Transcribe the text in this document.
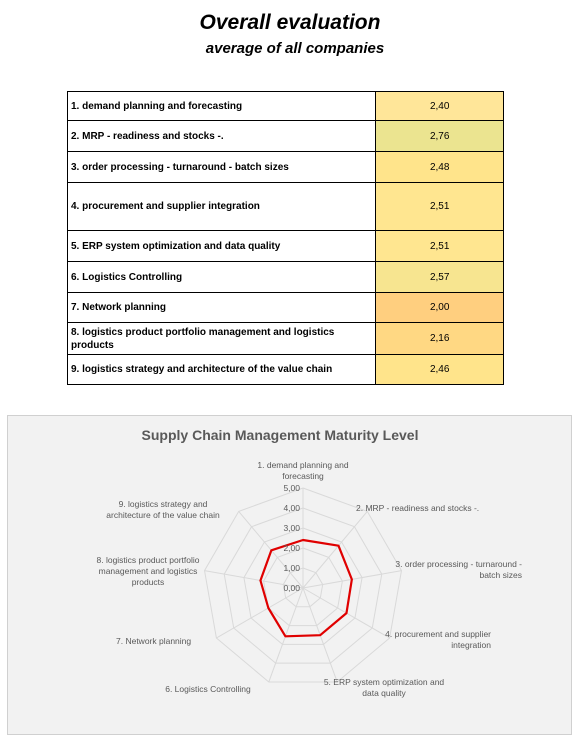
Overall evaluation
average of all companies
1. demand planning and forecasting	2,40
2. MRP - readiness and stocks -.	2,76
3. order processing - turnaround - batch sizes	2,48
4. procurement and supplier integration	2,51
5. ERP system optimization and data quality	2,51
6. Logistics Controlling	2,57
7. Network planning	2,00
8. logistics product portfolio management and logistics products	2,16
9. logistics strategy and architecture of the value chain	2,46
Supply Chain Management Maturity Level
0,00
1,00
2,00
3,00
4,00
5,00
1. demand planning and
forecasting
2. MRP - readiness and stocks -.
3. order processing - turnaround -
batch sizes
4. procurement and supplier
integration
5. ERP system optimization and
data quality
6. Logistics Controlling
7. Network planning
8. logistics product portfolio
management and logistics
products
9. logistics strategy and
architecture of the value chain
